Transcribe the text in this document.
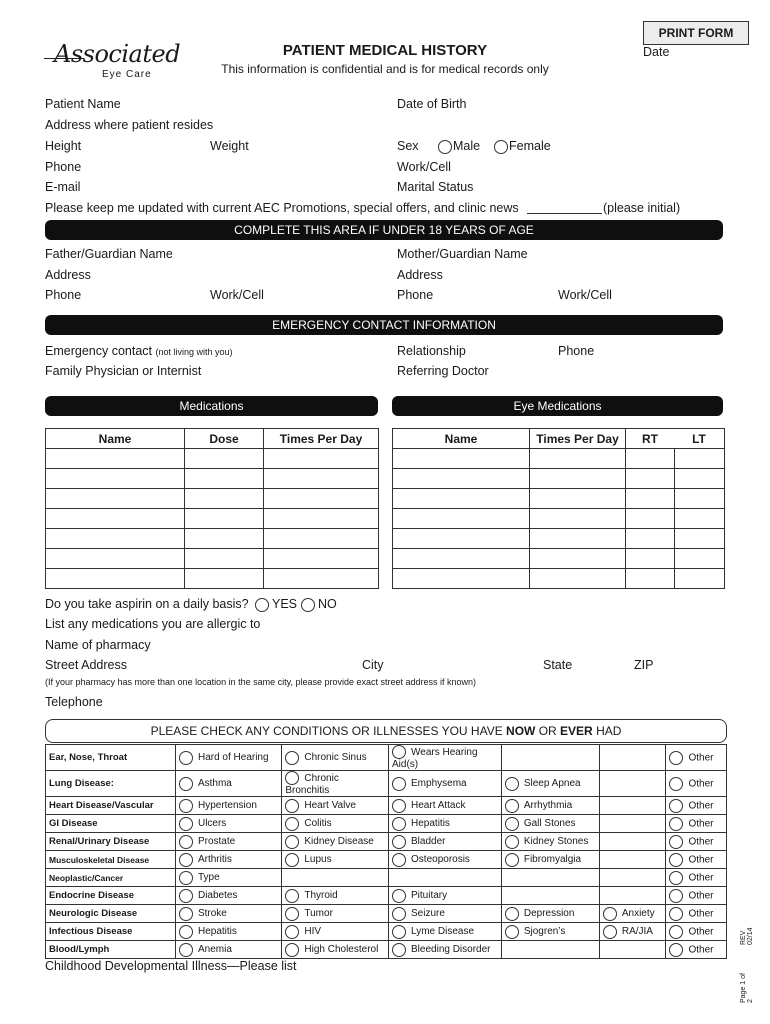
PRINT FORM
Date
Associated
Eye Care
PATIENT MEDICAL HISTORY
This information is confidential and is for medical records only
Patient Name	Date of Birth
Address where patient resides
Height	Weight	Sex	Male	Female
Phone	Work/Cell
E-mail	Marital Status
Please keep me updated with current AEC Promotions, special offers, and clinic news	(please initial)
COMPLETE THIS AREA IF UNDER 18 YEARS OF AGE
Father/Guardian Name	Mother/Guardian Name
Address	Address
Phone	Work/Cell	Phone	Work/Cell
EMERGENCY CONTACT INFORMATION
Emergency contact (not living with you)	Relationship	Phone
Family Physician or Internist	Referring Doctor
Medications	Eye Medications
Name	Dose	Times Per Day

			Name	Times Per Day	RT	LT

Do you take aspirin on a daily basis?	YES	NO
List any medications you are allergic to
Name of pharmacy
Street Address	City	State	ZIP
(If your pharmacy has more than one location in the same city, please provide exact street address if known)
Telephone
PLEASE CHECK ANY CONDITIONS OR ILLNESSES YOU HAVE NOW OR EVER HAD
Ear, Nose, Throat	Hard of Hearing	Chronic Sinus	Wears Hearing Aid(s)			Other
Lung Disease:	Asthma	Chronic Bronchitis	Emphysema	Sleep Apnea		Other
Heart Disease/Vascular	Hypertension	Heart Valve	Heart Attack	Arrhythmia		Other
GI Disease	Ulcers	Colitis	Hepatitis	Gall Stones		Other
Renal/Urinary Disease	Prostate	Kidney Disease	Bladder	Kidney Stones		Other
Musculoskeletal Disease	Arthritis	Lupus	Osteoporosis	Fibromyalgia		Other
Neoplastic/Cancer	Type					Other
Endocrine Disease	Diabetes	Thyroid	Pituitary			Other
Neurologic Disease	Stroke	Tumor	Seizure	Depression	Anxiety	Other
Infectious Disease	Hepatitis	HIV	Lyme Disease	Sjogren’s	RA/JIA	Other
Blood/Lymph	Anemia	High Cholesterol	Bleeding Disorder			Other
Childhood Developmental Illness—Please list
REV 02/14
Page 1 of 2
